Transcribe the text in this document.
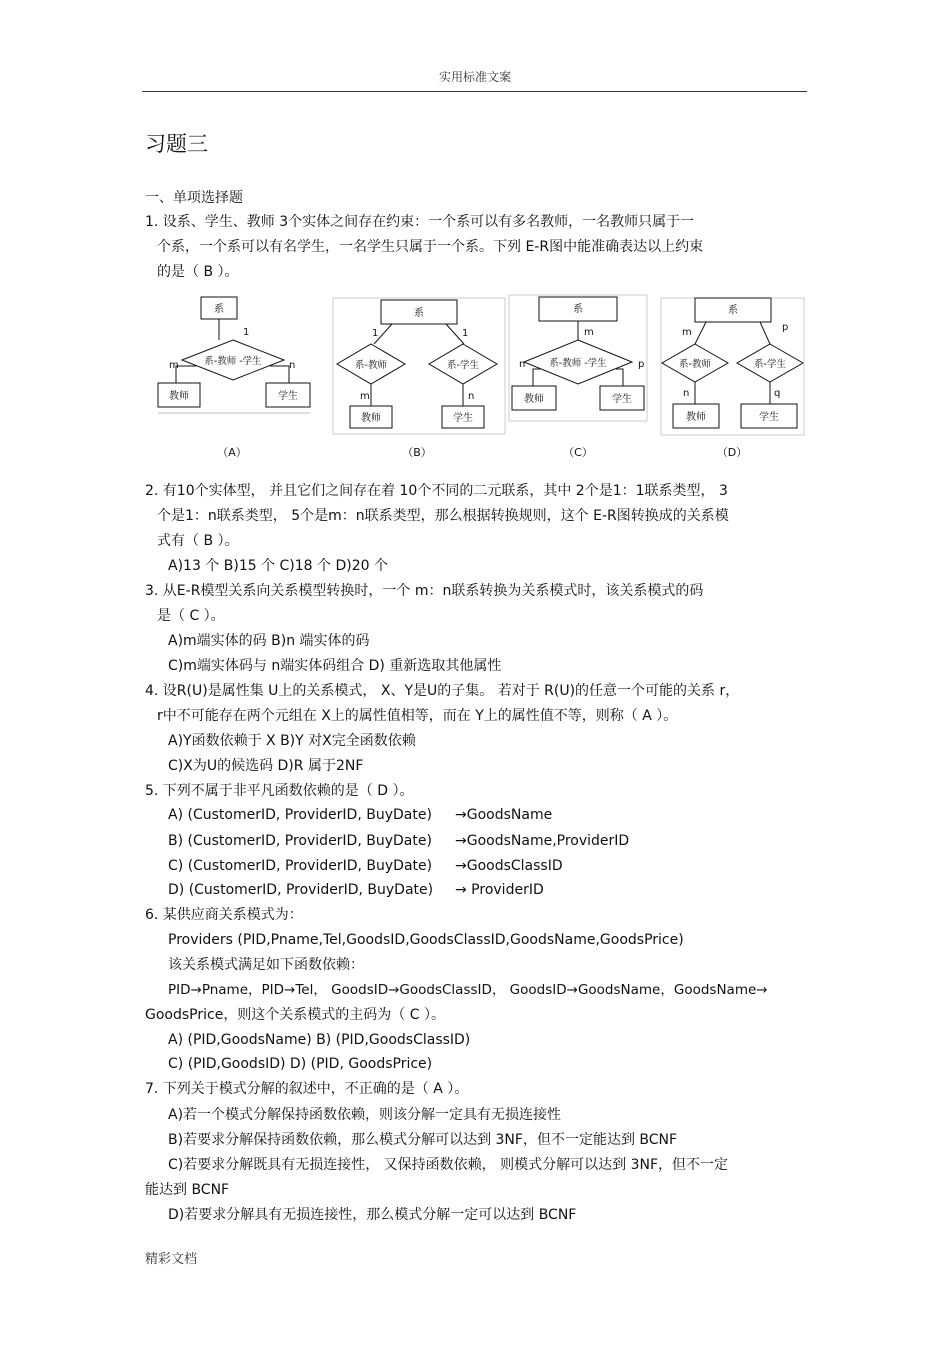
实用标准文案
习题三
一、单项选择题
1. 设系、学生、教师 3个实体之间存在约束：一个系可以有多名教师，一名教师只属于一
个系，一个系可以有名学生，一名学生只属于一个系。下列 E-R图中能准确表达以上约束
的是（ B ）。
系
1
系-教师 -学生
m	n
教师	学生
系
1	1
系-教师	系-学生
m	n
教师	学生
系
m
系-教师 -学生
n	p
教师	学生
系
m	p
系-教师	系-学生
n	q
教师	学生
（A）	（B）	（C）	（D）
2. 有10个实体型， 并且它们之间存在着 10个不同的二元联系，其中 2个是1：1联系类型， 3
个是1：n联系类型， 5个是m：n联系类型，那么根据转换规则，这个 E-R图转换成的关系模
式有（ B ）。
A)13 个 B)15 个 C)18 个 D)20 个
3. 从E-R模型关系向关系模型转换时，一个 m：n联系转换为关系模式时，该关系模式的码
是（ C ）。
A)m端实体的码 B)n 端实体的码
C)m端实体码与 n端实体码组合 D) 重新选取其他属性
4. 设R(U)是属性集 U上的关系模式， X、Y是U的子集。 若对于 R(U)的任意一个可能的关系 r，
r中不可能存在两个元组在 X上的属性值相等，而在 Y上的属性值不等，则称（ A ）。
A)Y函数依赖于 X B)Y 对X完全函数依赖
C)X为U的候选码 D)R 属于2NF
5. 下列不属于非平凡函数依赖的是（ D ）。
A) (CustomerID, ProviderID, BuyDate) →GoodsName
B) (CustomerID, ProviderID, BuyDate) →GoodsName,ProviderID
C) (CustomerID, ProviderID, BuyDate) →GoodsClassID
D) (CustomerID, ProviderID, BuyDate) → ProviderID
6. 某供应商关系模式为：
Providers (PID,Pname,Tel,GoodsID,GoodsClassID,GoodsName,GoodsPrice)
该关系模式满足如下函数依赖：
PID→Pname，PID→Tel， GoodsID→GoodsClassID， GoodsID→GoodsName，GoodsName→
GoodsPrice，则这个关系模式的主码为（ C ）。
A) (PID,GoodsName) B) (PID,GoodsClassID)
C) (PID,GoodsID) D) (PID, GoodsPrice)
7. 下列关于模式分解的叙述中，不正确的是（ A ）。
A)若一个模式分解保持函数依赖，则该分解一定具有无损连接性
B)若要求分解保持函数依赖，那么模式分解可以达到 3NF，但不一定能达到 BCNF
C)若要求分解既具有无损连接性， 又保持函数依赖， 则模式分解可以达到 3NF，但不一定
能达到 BCNF
D)若要求分解具有无损连接性，那么模式分解一定可以达到 BCNF
精彩文档
